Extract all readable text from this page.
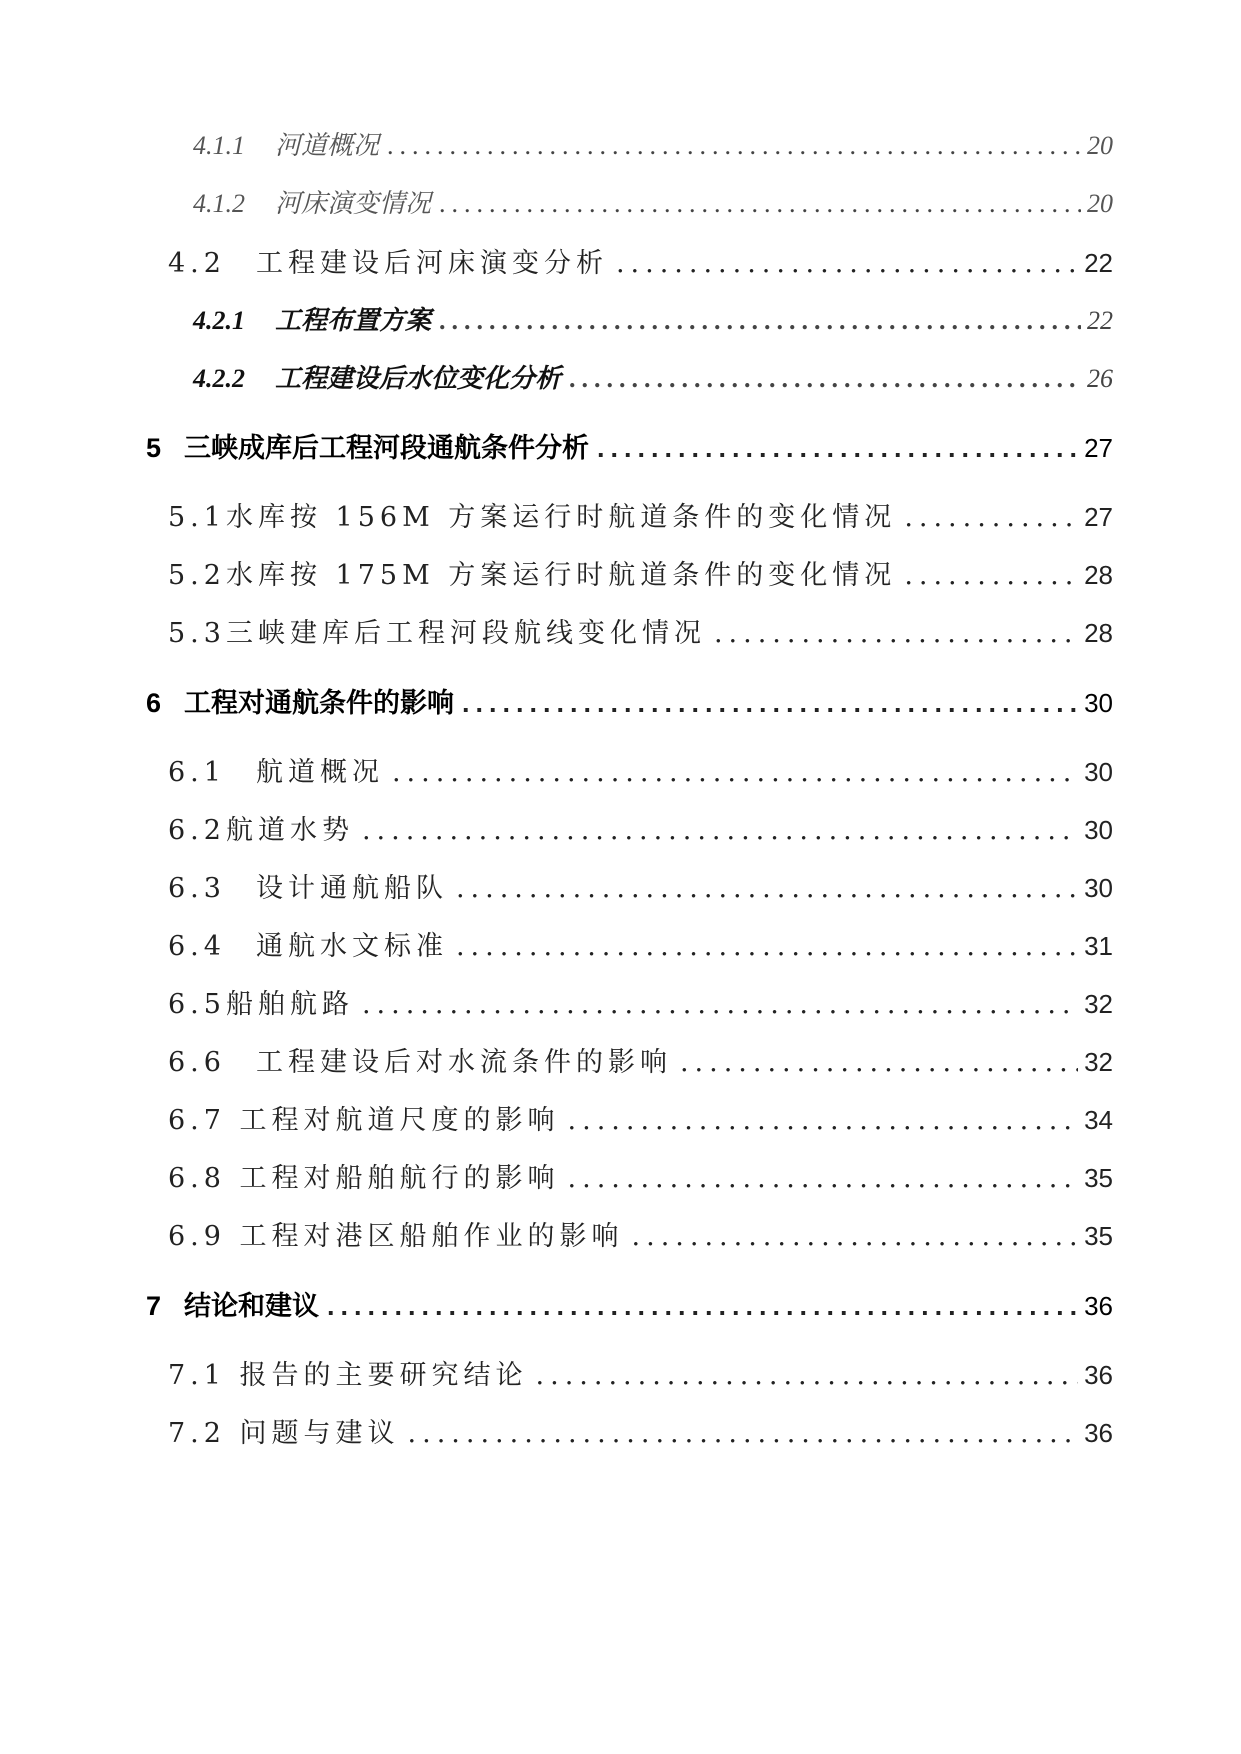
4.1.1 河道概况 .....	20
4.1.2 河床演变情况 .....	20
4.2 工程建设后河床演变分析 .....	22
4.2.1 工程布置方案 .....	22
4.2.2 工程建设后水位变化分析 .....	26
5 三峡成库后工程河段通航条件分析 .....	27
5.1水库按 156M 方案运行时航道条件的变化情况 .....	27
5.2水库按 175M 方案运行时航道条件的变化情况 .....	28
5.3三峡建库后工程河段航线变化情况 .....	28
6 工程对通航条件的影响 .....	30
6.1 航道概况 .....	30
6.2航道水势 .....	30
6.3 设计通航船队 .....	30
6.4 通航水文标准 .....	31
6.5船舶航路 .....	32
6.6 工程建设后对水流条件的影响 .....	32
6.7 工程对航道尺度的影响 .....	34
6.8 工程对船舶航行的影响 .....	35
6.9 工程对港区船舶作业的影响 .....	35
7 结论和建议 .....	36
7.1 报告的主要研究结论 .....	36
7.2 问题与建议 .....	36
